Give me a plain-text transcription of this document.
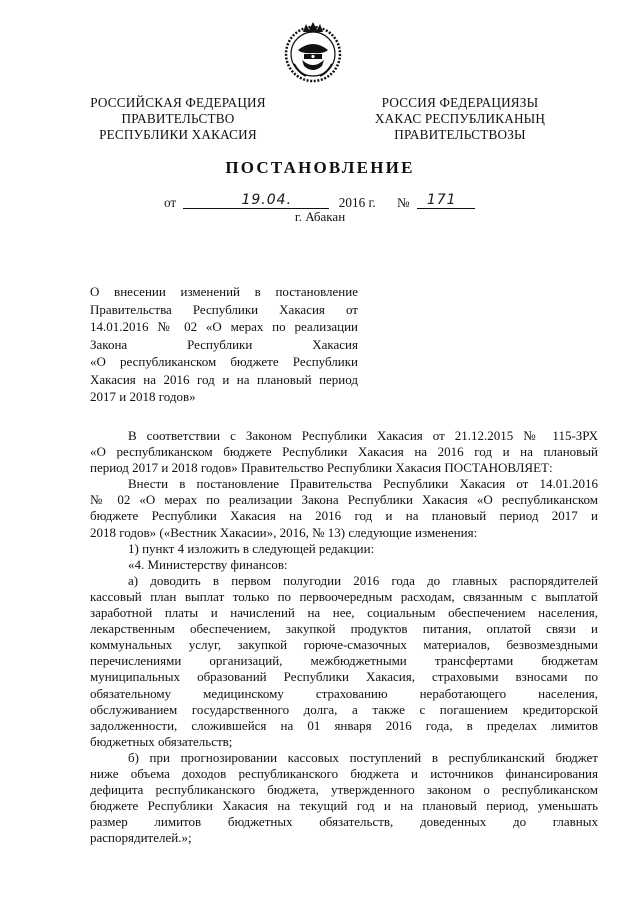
РОССИЙСКАЯ ФЕДЕРАЦИЯ
ПРАВИТЕЛЬСТВО
РЕСПУБЛИКИ ХАКАСИЯ
РОССИЯ ФЕДЕРАЦИЯЗЫ
ХАКАС РЕСПУБЛИКАНЫҢ
ПРАВИТЕЛЬСТВОЗЫ
ПОСТАНОВЛЕНИЕ
от	19.04.	2016 г. № 171
г. Абакан
О внесении изменений в постановление
Правительства Республики Хакасия от
14.01.2016 № 02 «О мерах по реализации
Закона Республики Хакасия
«О республиканском бюджете Республики
Хакасия на 2016 год и на плановый период
2017 и 2018 годов»
В соответствии с Законом Республики Хакасия от 21.12.2015 № 115-ЗРХ
«О республиканском бюджете Республики Хакасия на 2016 год и на плановый
период 2017 и 2018 годов» Правительство Республики Хакасия ПОСТАНОВЛЯЕТ:
Внести в постановление Правительства Республики Хакасия от 14.01.2016
№ 02 «О мерах по реализации Закона Республики Хакасия «О республиканском
бюджете Республики Хакасия на 2016 год и на плановый период 2017 и
2018 годов» («Вестник Хакасии», 2016, № 13) следующие изменения:
1) пункт 4 изложить в следующей редакции:
«4. Министерству финансов:
а) доводить в первом полугодии 2016 года до главных распорядителей
кассовый план выплат только по первоочередным расходам, связанным с выплатой
заработной платы и начислений на нее, социальным обеспечением населения,
лекарственным обеспечением, закупкой продуктов питания, оплатой связи и
коммунальных услуг, закупкой горюче-смазочных материалов, безвозмездными
перечислениями организаций, межбюджетными трансфертами бюджетам
муниципальных образований Республики Хакасия, страховыми взносами по
обязательному медицинскому страхованию неработающего населения,
обслуживанием государственного долга, а также с погашением кредиторской
задолженности, сложившейся на 01 января 2016 года, в пределах лимитов
бюджетных обязательств;
б) при прогнозировании кассовых поступлений в республиканский бюджет
ниже объема доходов республиканского бюджета и источников финансирования
дефицита республиканского бюджета, утвержденного законом о республиканском
бюджете Республики Хакасия на текущий год и на плановый период, уменьшать
размер лимитов бюджетных обязательств, доведенных до главных
распорядителей.»;
